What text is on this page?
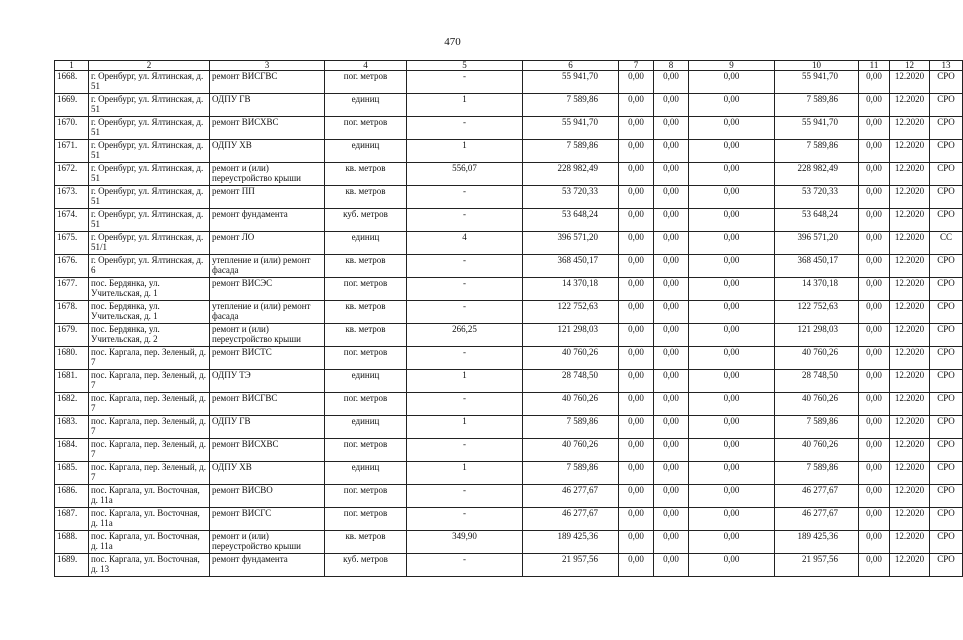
470
1	2	3	4	5	6	7	8	9	10	11	12	13
1668.	г. Оренбург, ул. Ялтинская, д. 51	ремонт ВИСГВС	пог. метров	-	55 941,70	0,00	0,00	0,00	55 941,70	0,00	12.2020	СРО
1669.	г. Оренбург, ул. Ялтинская, д. 51	ОДПУ ГВ	единиц	1	7 589,86	0,00	0,00	0,00	7 589,86	0,00	12.2020	СРО
1670.	г. Оренбург, ул. Ялтинская, д. 51	ремонт ВИСХВС	пог. метров	-	55 941,70	0,00	0,00	0,00	55 941,70	0,00	12.2020	СРО
1671.	г. Оренбург, ул. Ялтинская, д. 51	ОДПУ ХВ	единиц	1	7 589,86	0,00	0,00	0,00	7 589,86	0,00	12.2020	СРО
1672.	г. Оренбург, ул. Ялтинская, д. 51	ремонт и (или) переустройство крыши	кв. метров	556,07	228 982,49	0,00	0,00	0,00	228 982,49	0,00	12.2020	СРО
1673.	г. Оренбург, ул. Ялтинская, д. 51	ремонт ПП	кв. метров	-	53 720,33	0,00	0,00	0,00	53 720,33	0,00	12.2020	СРО
1674.	г. Оренбург, ул. Ялтинская, д. 51	ремонт фундамента	куб. метров	-	53 648,24	0,00	0,00	0,00	53 648,24	0,00	12.2020	СРО
1675.	г. Оренбург, ул. Ялтинская, д. 51/1	ремонт ЛО	единиц	4	396 571,20	0,00	0,00	0,00	396 571,20	0,00	12.2020	СС
1676.	г. Оренбург, ул. Ялтинская, д. 6	утепление и (или) ремонт фасада	кв. метров	-	368 450,17	0,00	0,00	0,00	368 450,17	0,00	12.2020	СРО
1677.	пос. Бердянка, ул. Учительская, д. 1	ремонт ВИСЭС	пог. метров	-	14 370,18	0,00	0,00	0,00	14 370,18	0,00	12.2020	СРО
1678.	пос. Бердянка, ул. Учительская, д. 1	утепление и (или) ремонт фасада	кв. метров	-	122 752,63	0,00	0,00	0,00	122 752,63	0,00	12.2020	СРО
1679.	пос. Бердянка, ул. Учительская, д. 2	ремонт и (или) переустройство крыши	кв. метров	266,25	121 298,03	0,00	0,00	0,00	121 298,03	0,00	12.2020	СРО
1680.	пос. Каргала, пер. Зеленый, д. 7	ремонт ВИСТС	пог. метров	-	40 760,26	0,00	0,00	0,00	40 760,26	0,00	12.2020	СРО
1681.	пос. Каргала, пер. Зеленый, д. 7	ОДПУ ТЭ	единиц	1	28 748,50	0,00	0,00	0,00	28 748,50	0,00	12.2020	СРО
1682.	пос. Каргала, пер. Зеленый, д. 7	ремонт ВИСГВС	пог. метров	-	40 760,26	0,00	0,00	0,00	40 760,26	0,00	12.2020	СРО
1683.	пос. Каргала, пер. Зеленый, д. 7	ОДПУ ГВ	единиц	1	7 589,86	0,00	0,00	0,00	7 589,86	0,00	12.2020	СРО
1684.	пос. Каргала, пер. Зеленый, д. 7	ремонт ВИСХВС	пог. метров	-	40 760,26	0,00	0,00	0,00	40 760,26	0,00	12.2020	СРО
1685.	пос. Каргала, пер. Зеленый, д. 7	ОДПУ ХВ	единиц	1	7 589,86	0,00	0,00	0,00	7 589,86	0,00	12.2020	СРО
1686.	пос. Каргала, ул. Восточная, д. 11а	ремонт ВИСВО	пог. метров	-	46 277,67	0,00	0,00	0,00	46 277,67	0,00	12.2020	СРО
1687.	пос. Каргала, ул. Восточная, д. 11а	ремонт ВИСГС	пог. метров	-	46 277,67	0,00	0,00	0,00	46 277,67	0,00	12.2020	СРО
1688.	пос. Каргала, ул. Восточная, д. 11а	ремонт и (или) переустройство крыши	кв. метров	349,90	189 425,36	0,00	0,00	0,00	189 425,36	0,00	12.2020	СРО
1689.	пос. Каргала, ул. Восточная, д. 13	ремонт фундамента	куб. метров	-	21 957,56	0,00	0,00	0,00	21 957,56	0,00	12.2020	СРО
